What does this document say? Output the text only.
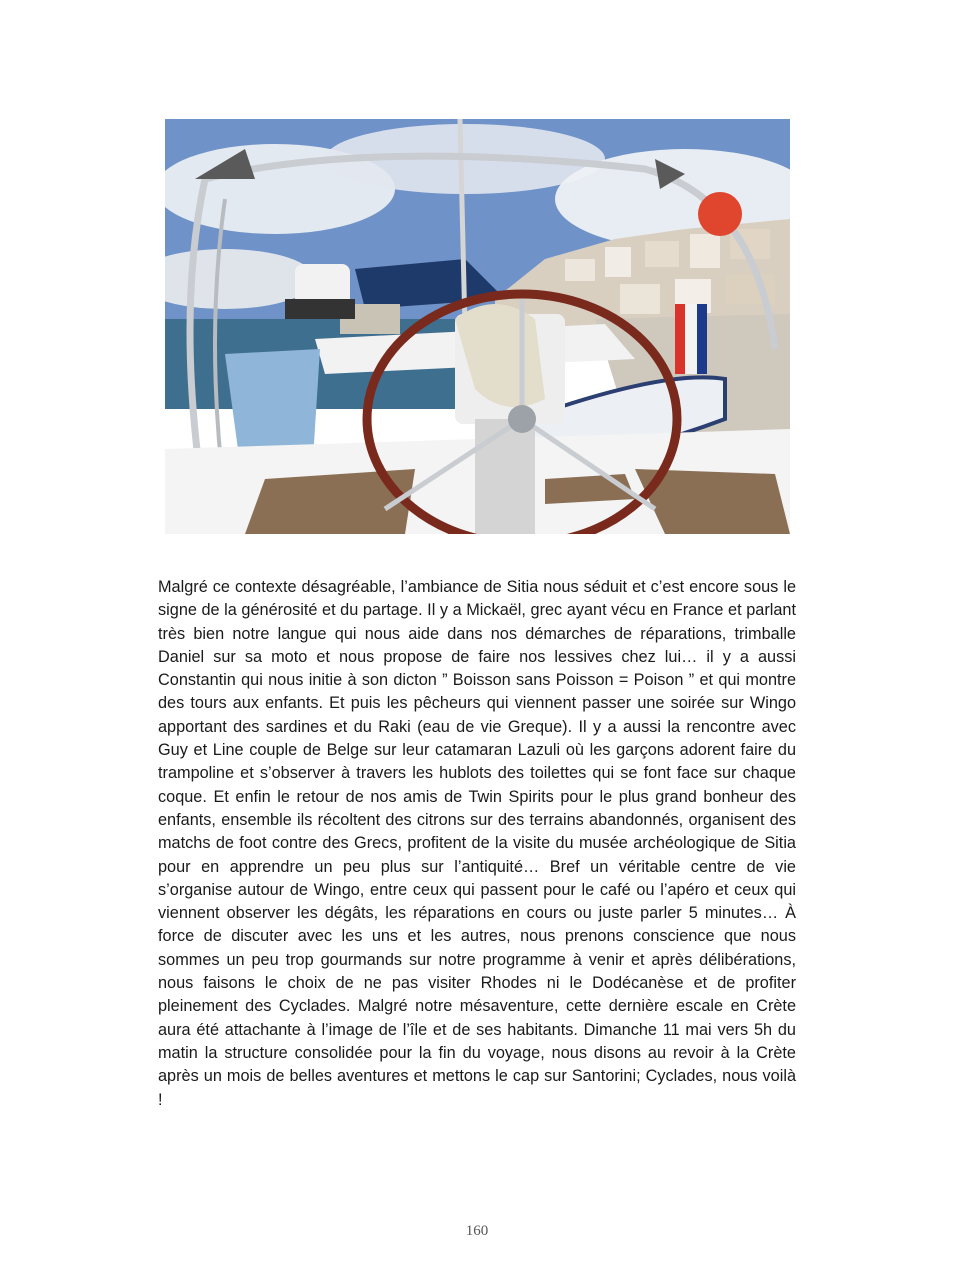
Malgré ce contexte désagréable, l’ambiance de Sitia nous séduit et c’est encore sous le signe de la générosité et du partage. Il y a Mickaël, grec ayant vécu en France et parlant très bien notre langue qui nous aide dans nos démarches de réparations, trimballe Daniel sur sa moto et nous propose de faire nos lessives chez lui… il y a aussi Constantin qui nous initie à son dicton ” Boisson sans Poisson = Poison ” et qui montre des tours aux enfants. Et puis les pêcheurs qui viennent passer une soirée sur Wingo apportant des sardines et du Raki (eau de vie Greque). Il y a aussi la rencontre avec Guy et Line couple de Belge sur leur catamaran Lazuli où les garçons adorent faire du trampoline et s’observer à travers les hublots des toilettes qui se font face sur chaque coque. Et enfin le retour de nos amis de Twin Spirits pour le plus grand bonheur des enfants, ensemble ils récoltent des citrons sur des terrains abandonnés, organisent des matchs de foot contre des Grecs, profitent de la visite du musée archéologique de Sitia pour en apprendre un peu plus sur l’antiquité… Bref un véritable centre de vie s’organise autour de Wingo, entre ceux qui passent pour le café ou l’apéro et ceux qui viennent observer les dégâts, les réparations en cours ou juste parler 5 minutes… À force de discuter avec les uns et les autres, nous prenons conscience que nous sommes un peu trop gourmands sur notre programme à venir et après délibérations, nous faisons le choix de ne pas visiter Rhodes ni le Dodécanèse et de profiter pleinement des Cyclades. Malgré notre mésaventure, cette dernière escale en Crète aura été attachante à l’image de l’île et de ses habitants. Dimanche 11 mai vers 5h du matin la structure consolidée pour la fin du voyage, nous disons au revoir à la Crète après un mois de belles aventures et mettons le cap sur Santorini; Cyclades, nous voilà !

160
